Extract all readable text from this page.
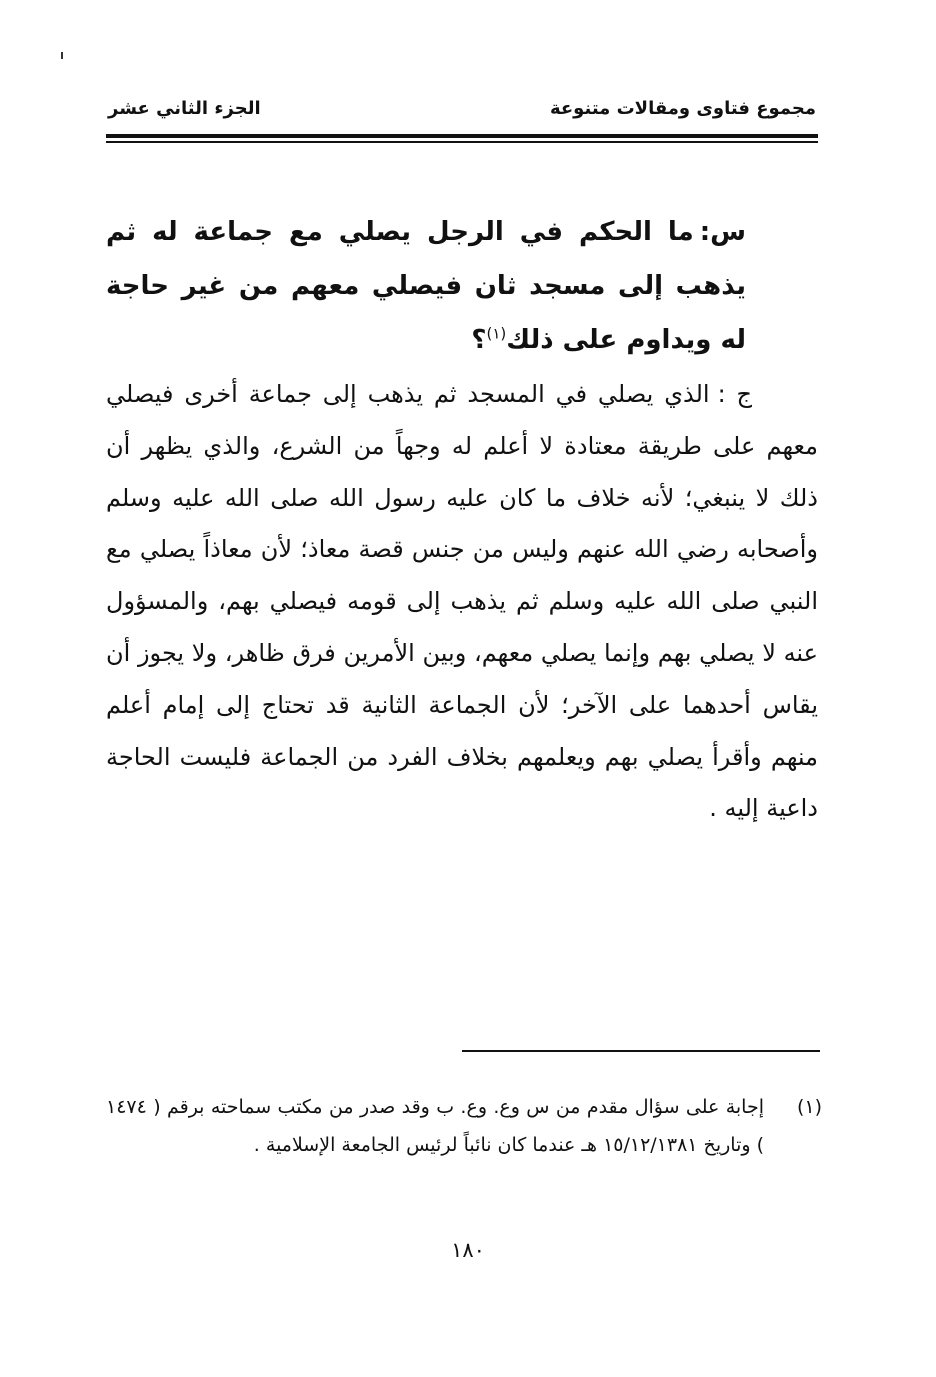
مجموع فتاوى ومقالات متنوعة
الجزء الثاني عشر
س:ما الحكم في الرجل يصلي مع جماعة له ثم يذهب إلى مسجد ثان فيصلي معهم من غير حاجة له ويداوم على ذلك$^{(١)}$؟
ج :الذي يصلي في المسجد ثم يذهب إلى جماعة أخرى فيصلي معهم على طريقة معتادة لا أعلم له وجهاً من الشرع، والذي يظهر أن ذلك لا ينبغي؛ لأنه خلاف ما كان عليه رسول الله صلى الله عليه وسلم وأصحابه رضي الله عنهم وليس من جنس قصة معاذ؛ لأن معاذاً يصلي مع النبي صلى الله عليه وسلم ثم يذهب إلى قومه فيصلي بهم، والمسؤول عنه لا يصلي بهم وإنما يصلي معهم، وبين الأمرين فرق ظاهر، ولا يجوز أن يقاس أحدهما على الآخر؛ لأن الجماعة الثانية قد تحتاج إلى إمام أعلم منهم وأقرأ يصلي بهم ويعلمهم بخلاف الفرد من الجماعة فليست الحاجة داعية إليه .
(١)
إجابة على سؤال مقدم من س وع. وع. ب وقد صدر من مكتب سماحته برقم ( ١٤٧٤ ) وتاريخ ١٥/١٢/١٣٨١ هـ عندما كان نائباً لرئيس الجامعة الإسلامية .
١٨٠
